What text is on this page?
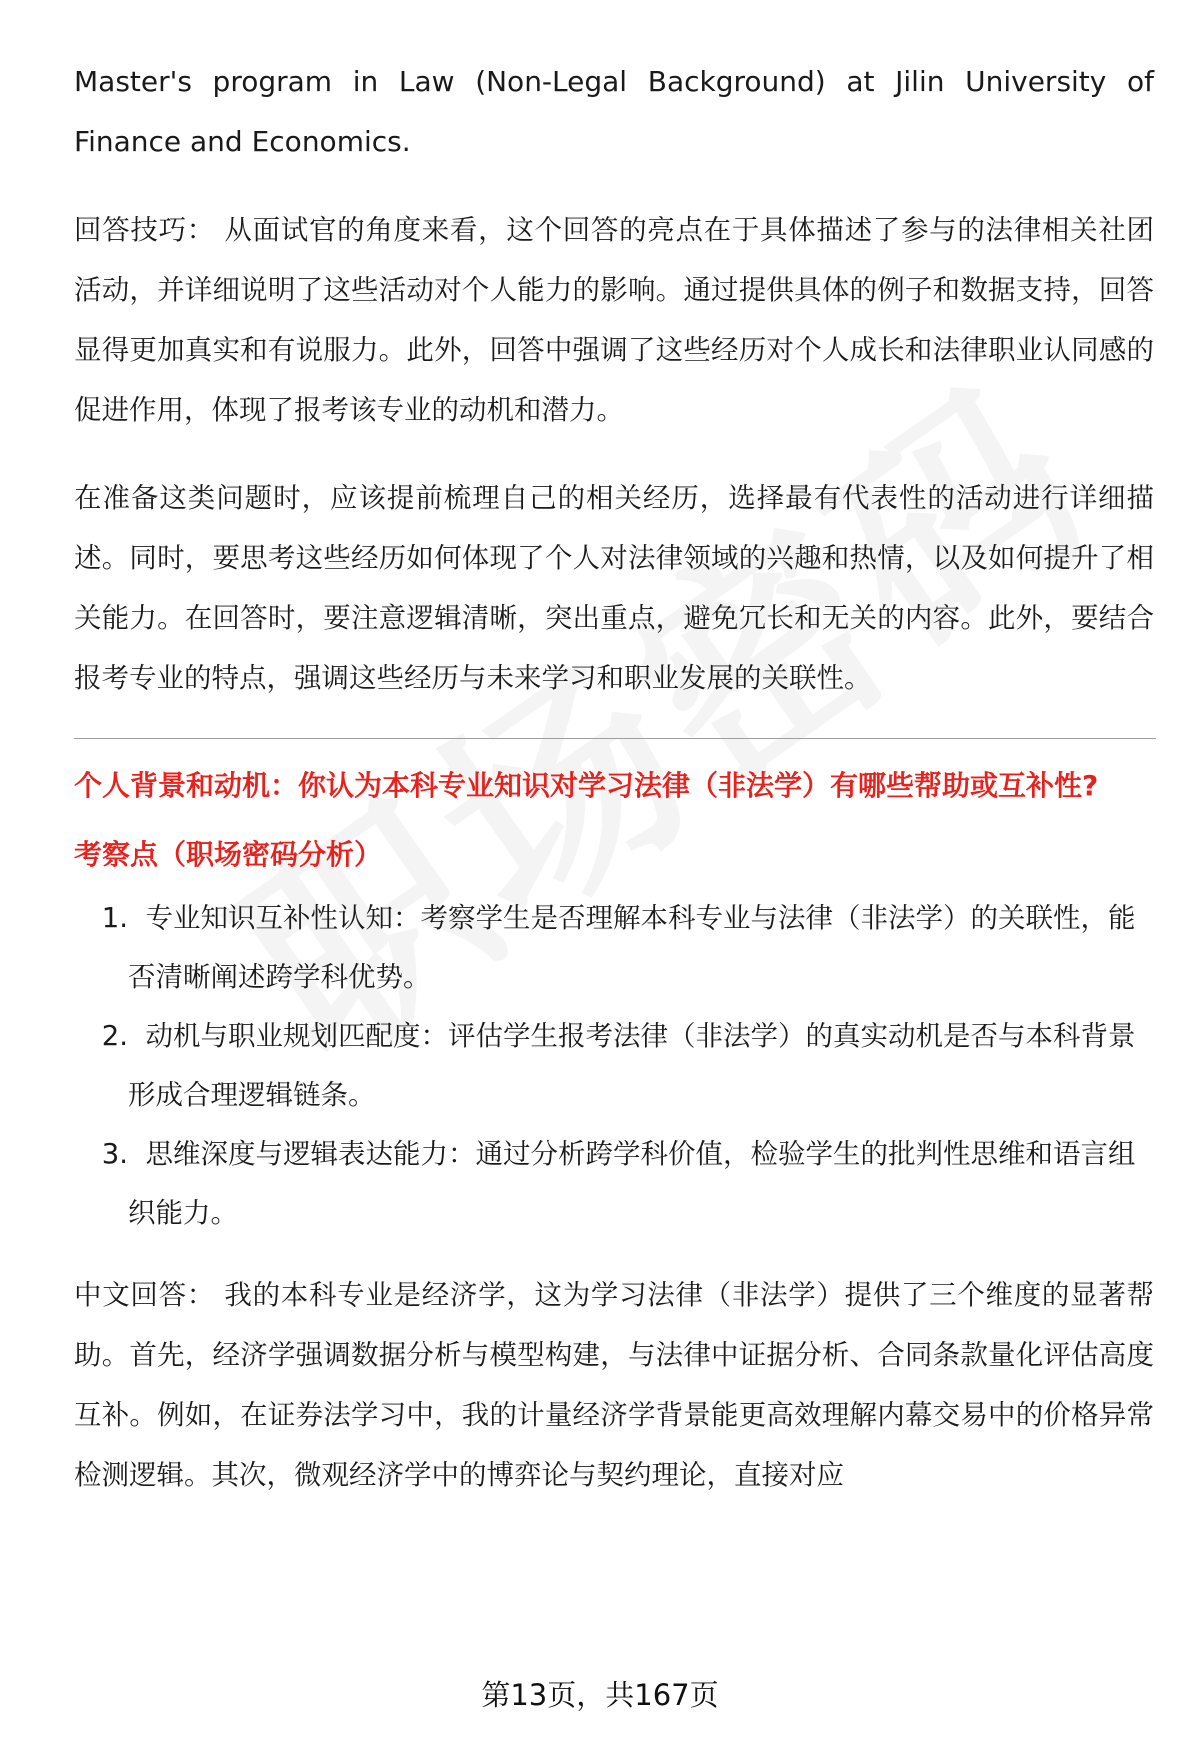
Master's program in Law (Non-Legal Background) at Jilin University of Finance and Economics.

回答技巧： 从面试官的角度来看，这个回答的亮点在于具体描述了参与的法律相关社团活动，并详细说明了这些活动对个人能力的影响。通过提供具体的例子和数据支持，回答显得更加真实和有说服力。此外，回答中强调了这些经历对个人成长和法律职业认同感的促进作用，体现了报考该专业的动机和潜力。

在准备这类问题时，应该提前梳理自己的相关经历，选择最有代表性的活动进行详细描述。同时，要思考这些经历如何体现了个人对法律领域的兴趣和热情，以及如何提升了相关能力。在回答时，要注意逻辑清晰，突出重点，避免冗长和无关的内容。此外，要结合报考专业的特点，强调这些经历与未来学习和职业发展的关联性。

个人背景和动机：你认为本科专业知识对学习法律（非法学）有哪些帮助或互补性?
考察点（职场密码分析）
1. 专业知识互补性认知：考察学生是否理解本科专业与法律（非法学）的关联性，能否清晰阐述跨学科优势。
2. 动机与职业规划匹配度：评估学生报考法律（非法学）的真实动机是否与本科背景形成合理逻辑链条。
3. 思维深度与逻辑表达能力：通过分析跨学科价值，检验学生的批判性思维和语言组织能力。

中文回答： 我的本科专业是经济学，这为学习法律（非法学）提供了三个维度的显著帮助。首先，经济学强调数据分析与模型构建，与法律中证据分析、合同条款量化评估高度互补。例如，在证券法学习中，我的计量经济学背景能更高效理解内幕交易中的价格异常检测逻辑。其次，微观经济学中的博弈论与契约理论，直接对应

第13页，共167页
